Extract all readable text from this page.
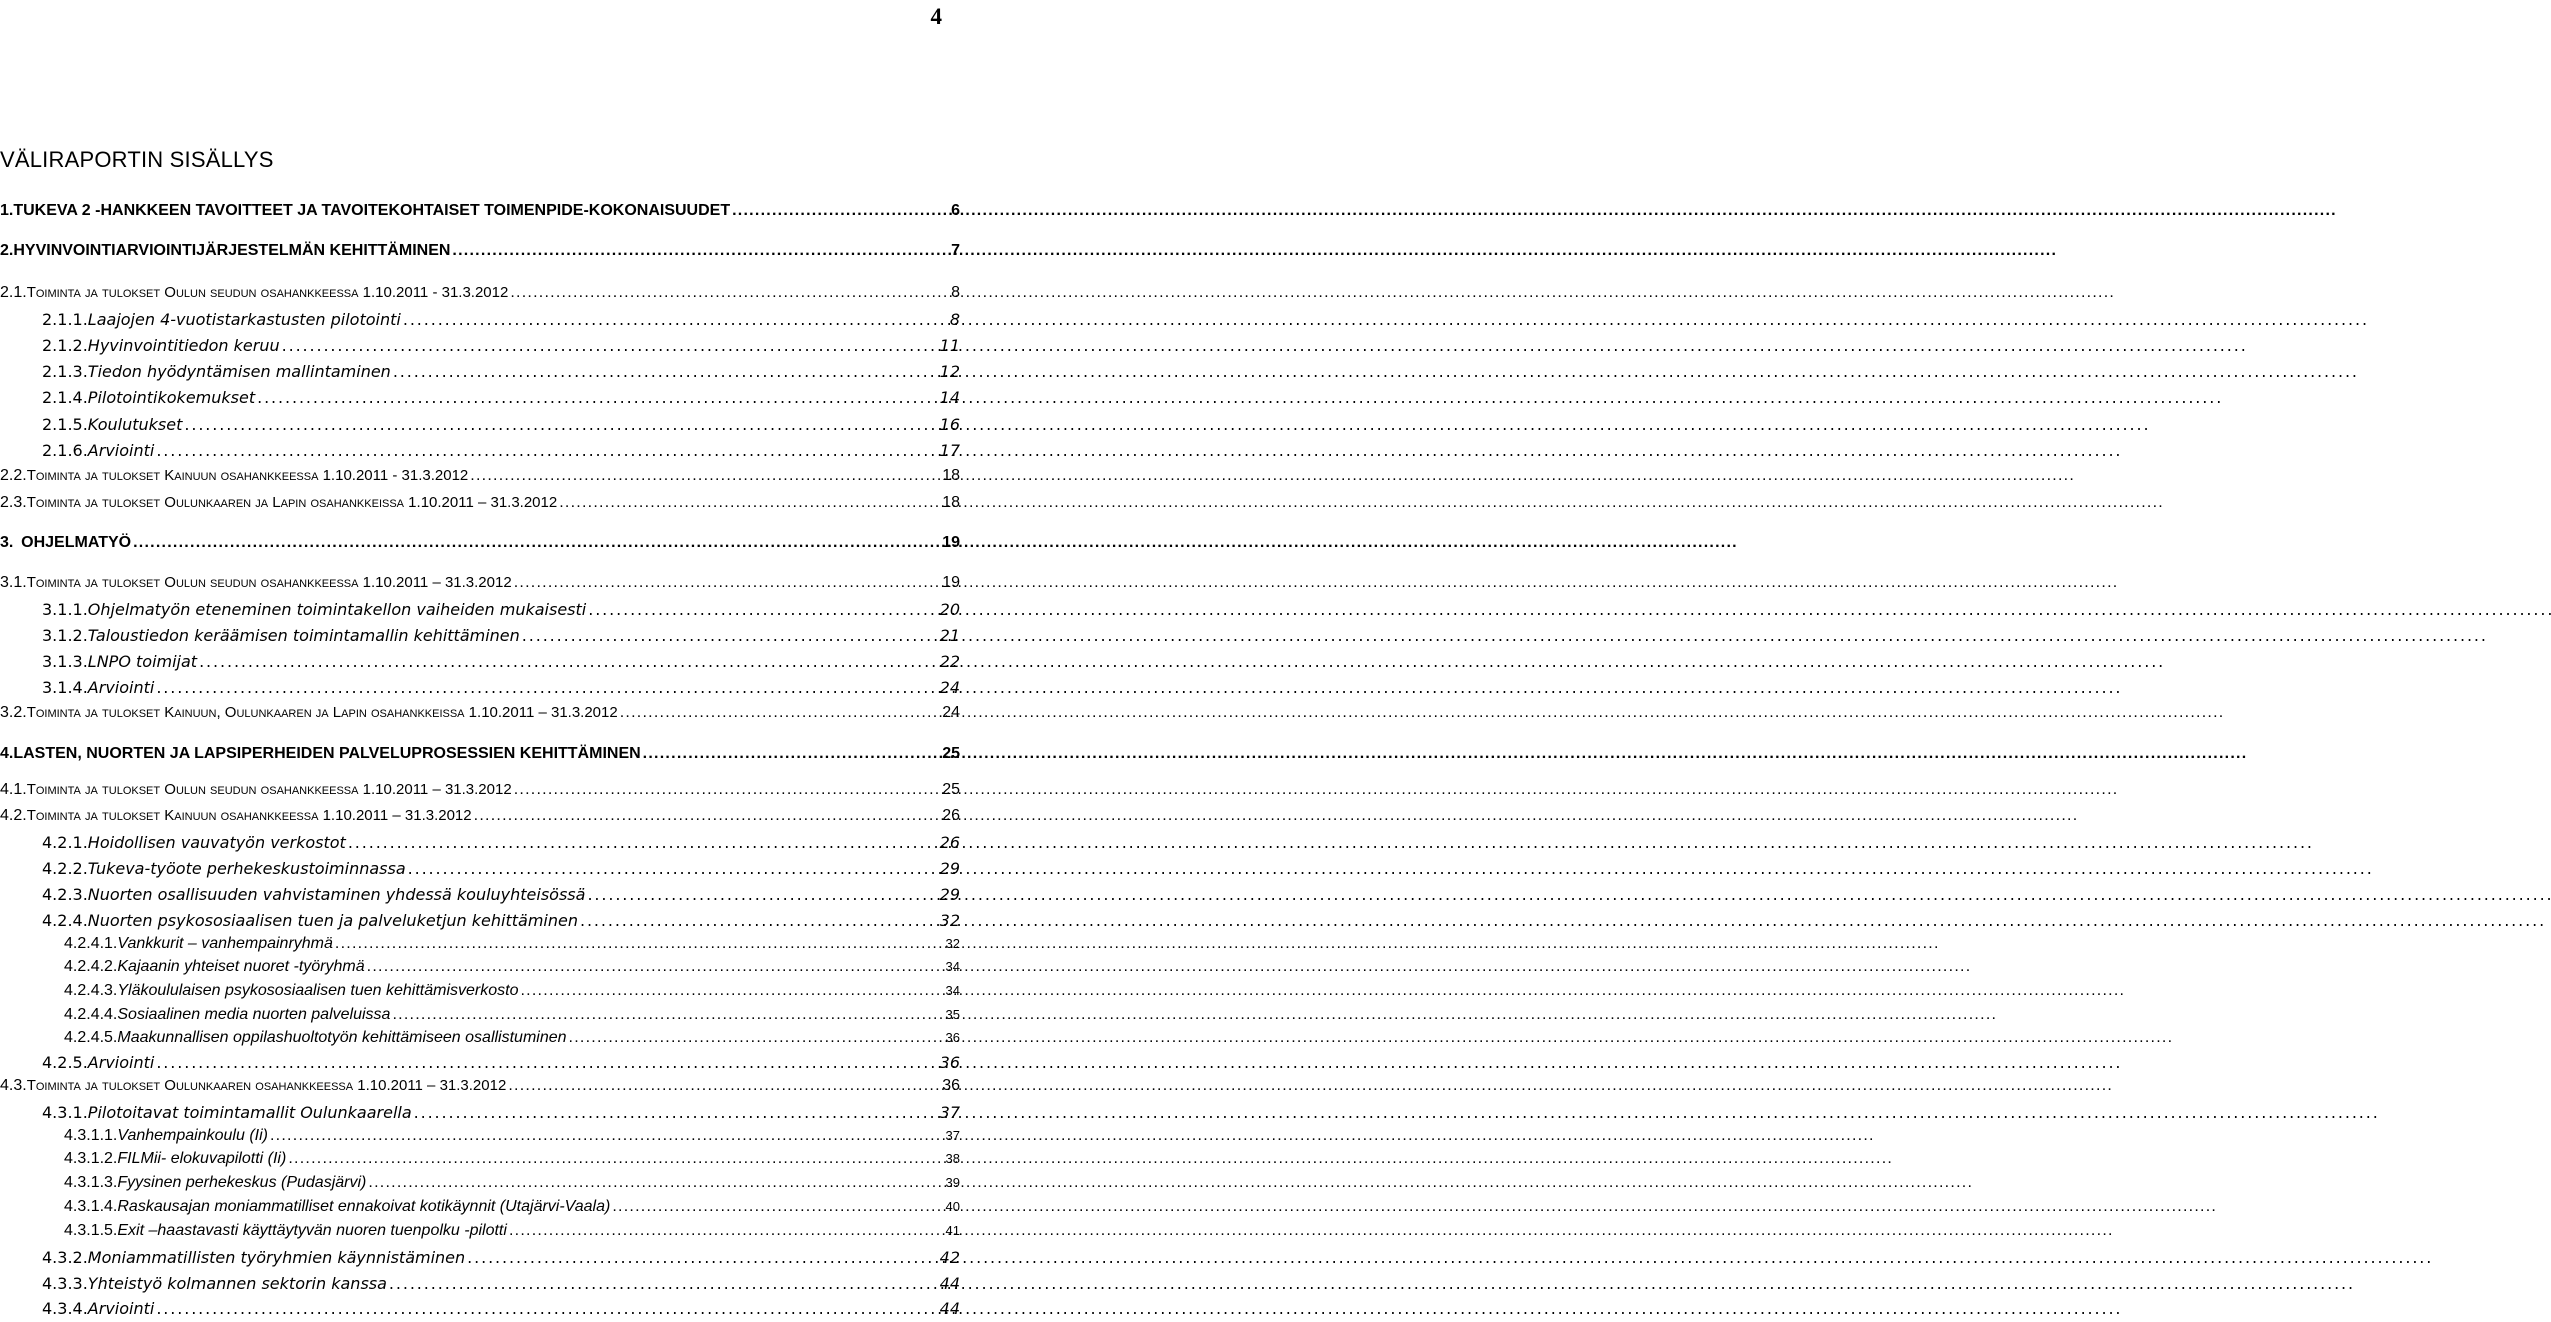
4
VÄLIRAPORTIN SISÄLLYS
1. TUKEVA 2 -HANKKEEN TAVOITTEET JA TAVOITEKOHTAISET TOIMENPIDE-KOKONAISUUDET . . .	6
2. HYVINVOINTIARVIOINTIJÄRJESTELMÄN KEHITTÄMINEN . . .	7
2.1. Toiminta ja tulokset Oulun seudun osahankkeessa 1.10.2011 - 31.3.2012 . . .	8
2.1.1. Laajojen 4-vuotistarkastusten pilotointi . . .	8
2.1.2. Hyvinvointitiedon keruu . . .	11
2.1.3. Tiedon hyödyntämisen mallintaminen . . .	12
2.1.4. Pilotointikokemukset . . .	14
2.1.5. Koulutukset . . .	16
2.1.6. Arviointi . . .	17
2.2. Toiminta ja tulokset Kainuun osahankkeessa 1.10.2011 - 31.3.2012 . . .	18
2.3. Toiminta ja tulokset Oulunkaaren ja Lapin osahankkeissa 1.10.2011 – 31.3.2012 . . .	18
3. OHJELMATYÖ . . .	19
3.1. Toiminta ja tulokset Oulun seudun osahankkeessa 1.10.2011 – 31.3.2012 . . .	19
3.1.1. Ohjelmatyön eteneminen toimintakellon vaiheiden mukaisesti . . .	20
3.1.2. Taloustiedon keräämisen toimintamallin kehittäminen . . .	21
3.1.3. LNPO toimijat . . .	22
3.1.4. Arviointi . . .	24
3.2. Toiminta ja tulokset Kainuun, Oulunkaaren ja Lapin osahankkeissa 1.10.2011 – 31.3.2012 . . .	24
4. LASTEN, NUORTEN JA LAPSIPERHEIDEN PALVELUPROSESSIEN KEHITTÄMINEN . . .	25
4.1. Toiminta ja tulokset Oulun seudun osahankkeessa 1.10.2011 – 31.3.2012 . . .	25
4.2. Toiminta ja tulokset Kainuun osahankkeessa 1.10.2011 – 31.3.2012 . . .	26
4.2.1. Hoidollisen vauvatyön verkostot . . .	26
4.2.2. Tukeva-työote perhekeskustoiminnassa . . .	29
4.2.3. Nuorten osallisuuden vahvistaminen yhdessä kouluyhteisössä . . .	29
4.2.4. Nuorten psykososiaalisen tuen ja palveluketjun kehittäminen . . .	32
4.2.4.1. Vankkurit – vanhempainryhmä . . .	32
4.2.4.2. Kajaanin yhteiset nuoret -työryhmä . . .	34
4.2.4.3. Yläkoululaisen psykososiaalisen tuen kehittämisverkosto . . .	34
4.2.4.4. Sosiaalinen media nuorten palveluissa . . .	35
4.2.4.5. Maakunnallisen oppilashuoltotyön kehittämiseen osallistuminen . . .	36
4.2.5. Arviointi . . .	36
4.3. Toiminta ja tulokset Oulunkaaren osahankkeessa 1.10.2011 – 31.3.2012 . . .	36
4.3.1. Pilotoitavat toimintamallit Oulunkaarella . . .	37
4.3.1.1. Vanhempainkoulu (Ii) . . .	37
4.3.1.2. FILMii- elokuvapilotti (Ii) . . .	38
4.3.1.3. Fyysinen perhekeskus (Pudasjärvi) . . .	39
4.3.1.4. Raskausajan moniammatilliset ennakoivat kotikäynnit (Utajärvi-Vaala) . . .	40
4.3.1.5. Exit –haastavasti käyttäytyvän nuoren tuenpolku -pilotti . . .	41
4.3.2. Moniammatillisten työryhmien käynnistäminen . . .	42
4.3.3. Yhteistyö kolmannen sektorin kanssa . . .	44
4.3.4. Arviointi . . .	44
